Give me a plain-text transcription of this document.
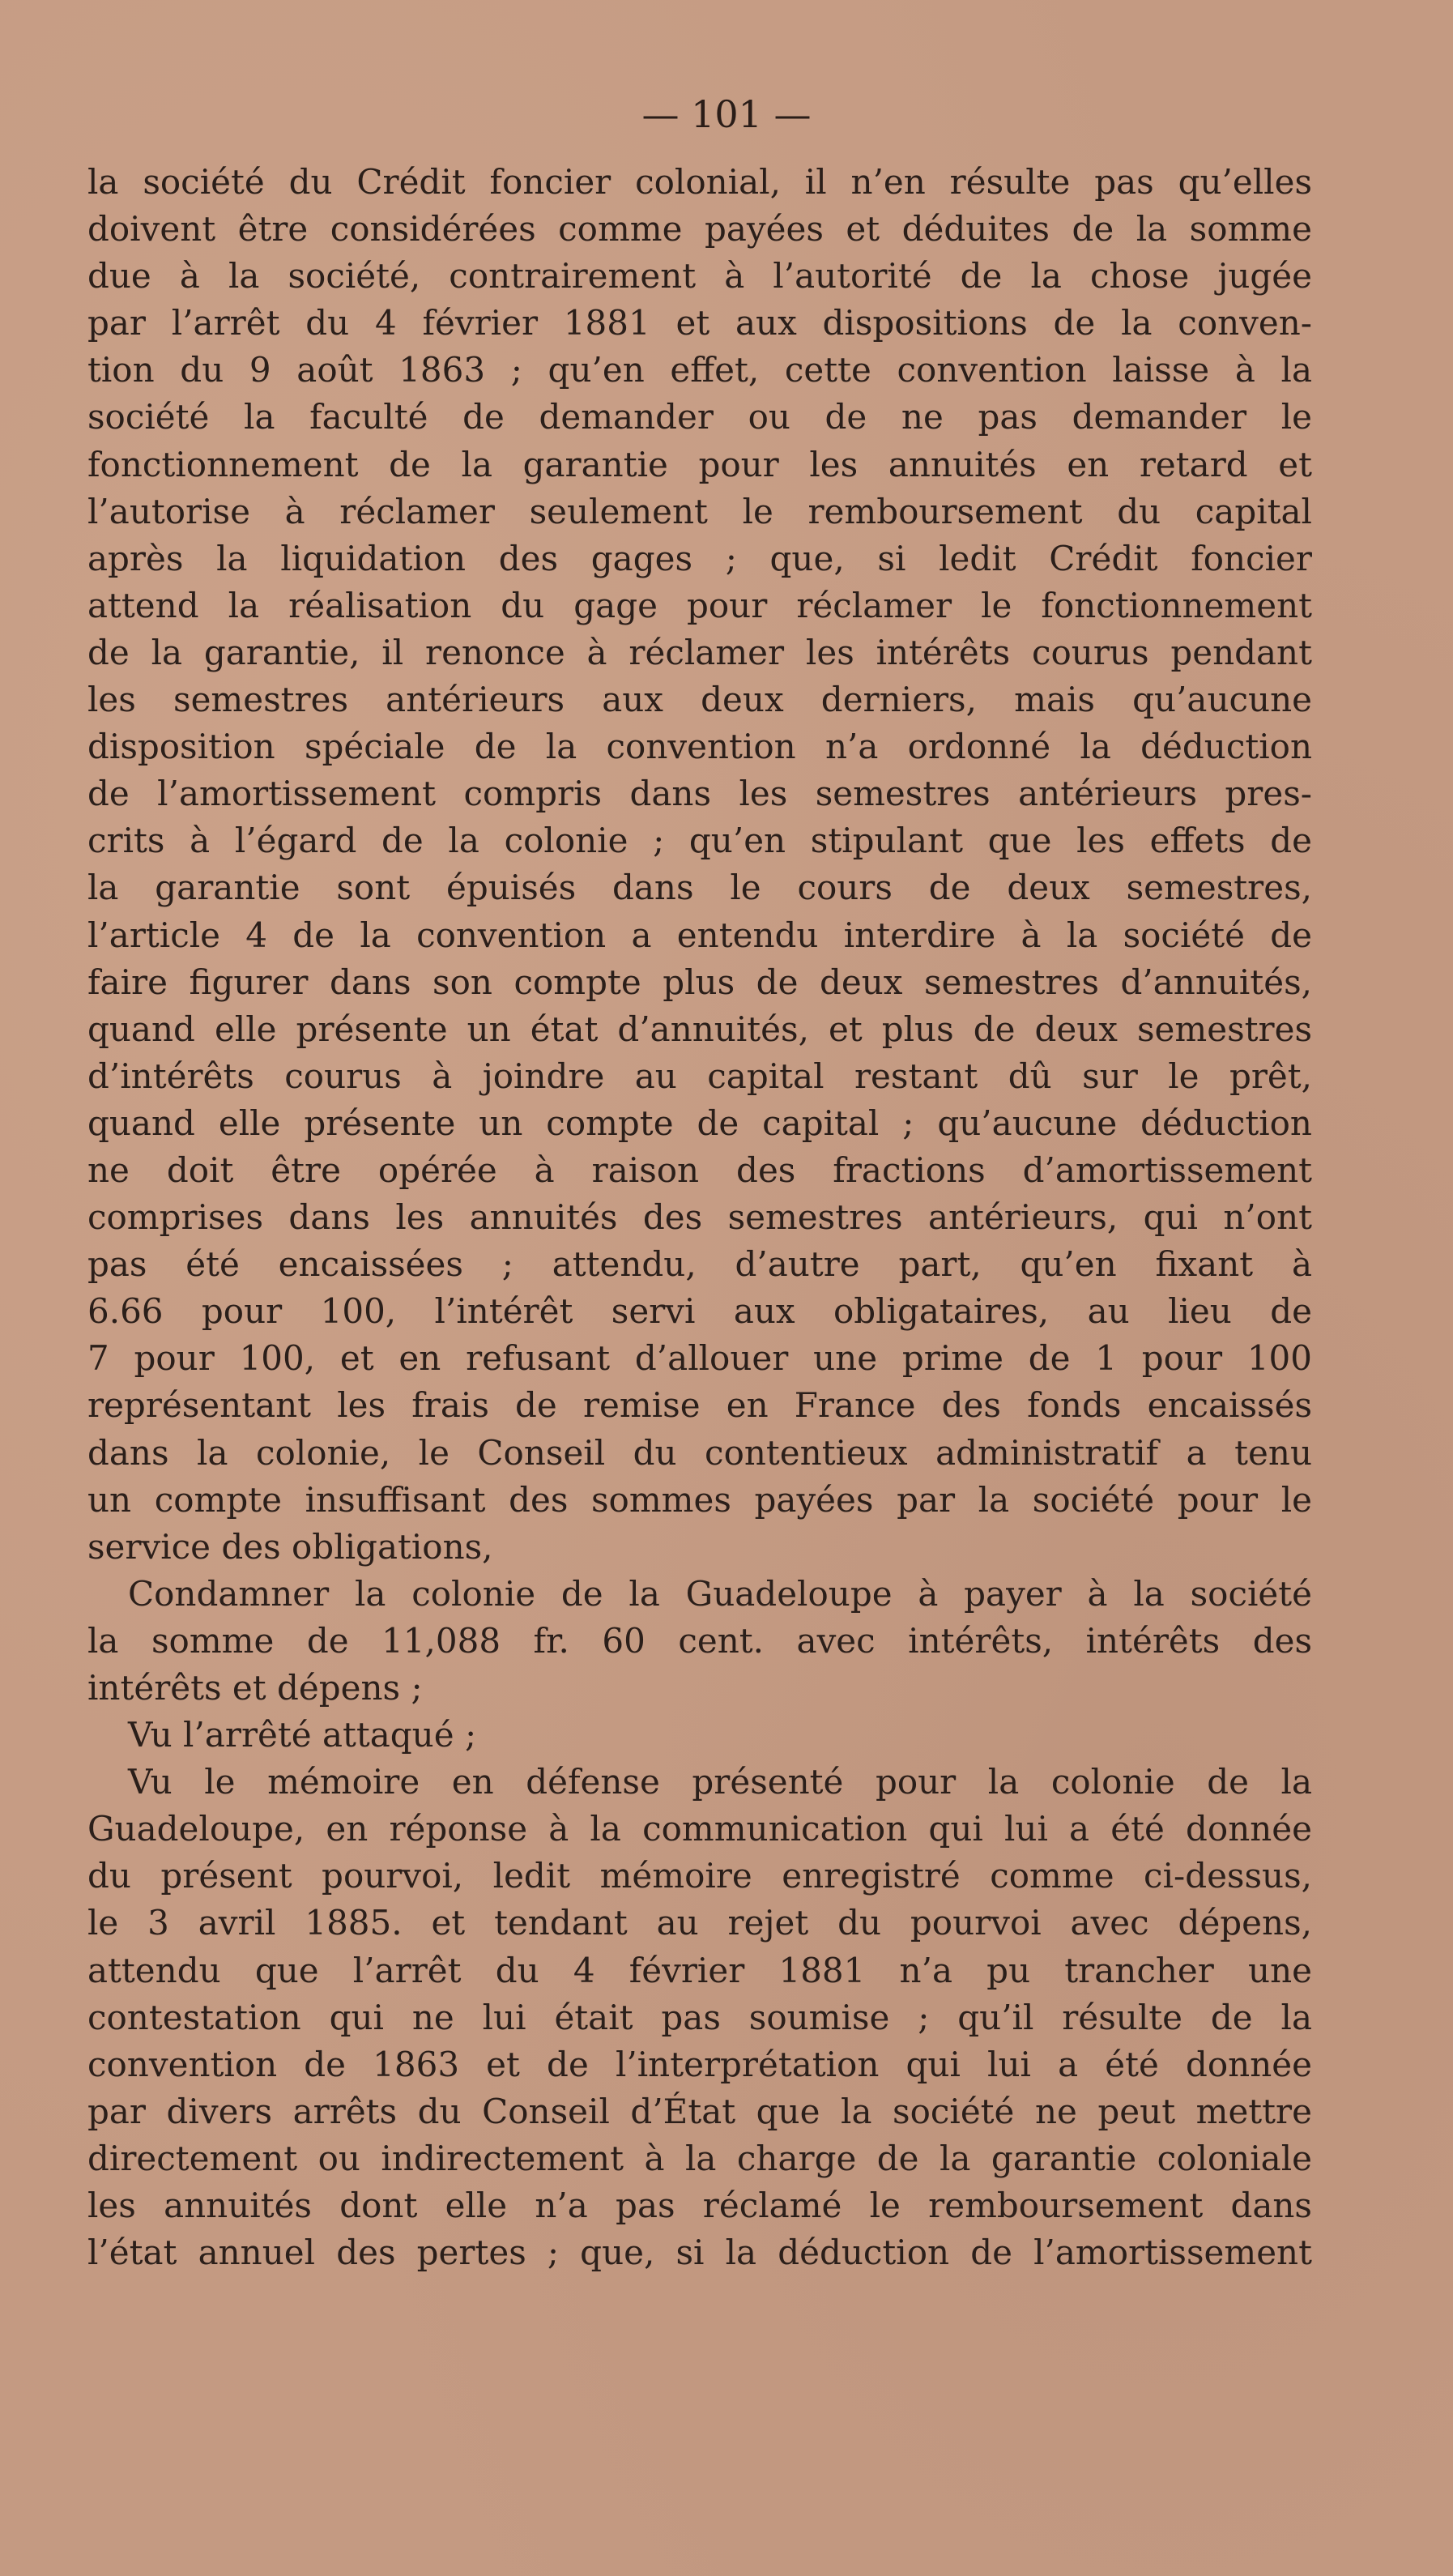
— 101 —
la société du Crédit foncier colonial, il n’en résulte pas qu’elles
doivent être considérées comme payées et déduites de la somme
due à la société, contrairement à l’autorité de la chose jugée
par l’arrêt du 4 février 1881 et aux dispositions de la conven-
tion du 9 août 1863 ; qu’en effet, cette convention laisse à la
société la faculté de demander ou de ne pas demander le
fonctionnement de la garantie pour les annuités en retard et
l’autorise à réclamer seulement le remboursement du capital
après la liquidation des gages ; que, si ledit Crédit foncier
attend la réalisation du gage pour réclamer le fonctionnement
de la garantie, il renonce à réclamer les intérêts courus pendant
les semestres antérieurs aux deux derniers, mais qu’aucune
disposition spéciale de la convention n’a ordonné la déduction
de l’amortissement compris dans les semestres antérieurs pres-
crits à l’égard de la colonie ; qu’en stipulant que les effets de
la garantie sont épuisés dans le cours de deux semestres,
l’article 4 de la convention a entendu interdire à la société de
faire figurer dans son compte plus de deux semestres d’annuités,
quand elle présente un état d’annuités, et plus de deux semestres
d’intérêts courus à joindre au capital restant dû sur le prêt,
quand elle présente un compte de capital ; qu’aucune déduction
ne doit être opérée à raison des fractions d’amortissement
comprises dans les annuités des semestres antérieurs, qui n’ont
pas été encaissées ; attendu, d’autre part, qu’en fixant à
6.66 pour 100, l’intérêt servi aux obligataires, au lieu de
7 pour 100, et en refusant d’allouer une prime de 1 pour 100
représentant les frais de remise en France des fonds encaissés
dans la colonie, le Conseil du contentieux administratif a tenu
un compte insuffisant des sommes payées par la société pour le
service des obligations,
Condamner la colonie de la Guadeloupe à payer à la société
la somme de 11,088 fr. 60 cent. avec intérêts, intérêts des
intérêts et dépens ;
Vu l’arrêté attaqué ;
Vu le mémoire en défense présenté pour la colonie de la
Guadeloupe, en réponse à la communication qui lui a été donnée
du présent pourvoi, ledit mémoire enregistré comme ci-dessus,
le 3 avril 1885. et tendant au rejet du pourvoi avec dépens,
attendu que l’arrêt du 4 février 1881 n’a pu trancher une
contestation qui ne lui était pas soumise ; qu’il résulte de la
convention de 1863 et de l’interprétation qui lui a été donnée
par divers arrêts du Conseil d’État que la société ne peut mettre
directement ou indirectement à la charge de la garantie coloniale
les annuités dont elle n’a pas réclamé le remboursement dans
l’état annuel des pertes ; que, si la déduction de l’amortissement
